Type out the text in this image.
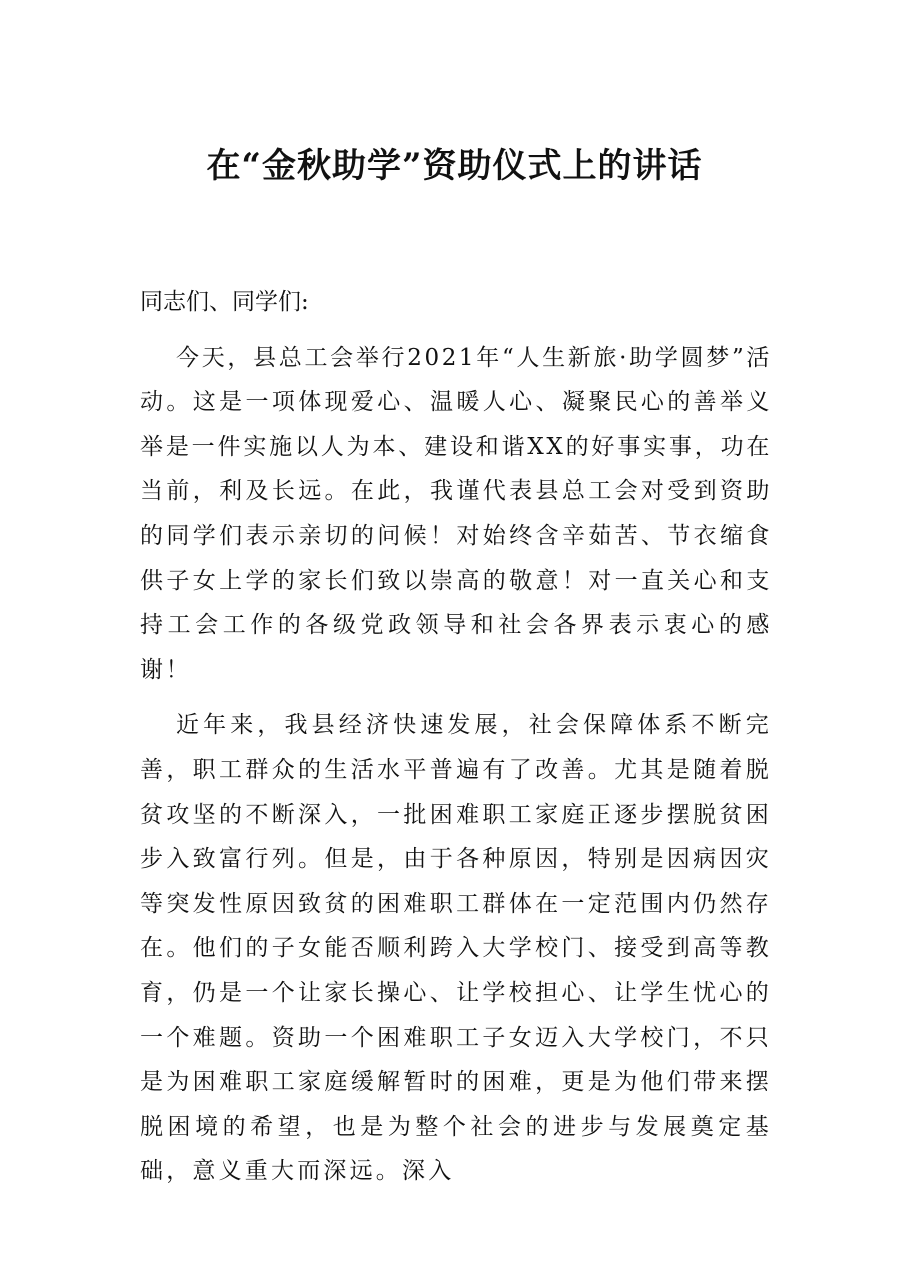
在“金秋助学”资助仪式上的讲话

同志们、同学们:

今天，县总工会举行2021年“人生新旅·助学圆梦”活动。这是一项体现爱心、温暖人心、凝聚民心的善举义举是一件实施以人为本、建设和谐XX的好事实事，功在当前，利及长远。在此，我谨代表县总工会对受到资助的同学们表示亲切的问候！对始终含辛茹苦、节衣缩食供子女上学的家长们致以崇高的敬意！对一直关心和支持工会工作的各级党政领导和社会各界表示衷心的感谢！

近年来，我县经济快速发展，社会保障体系不断完善，职工群众的生活水平普遍有了改善。尤其是随着脱贫攻坚的不断深入，一批困难职工家庭正逐步摆脱贫困步入致富行列。但是，由于各种原因，特别是因病因灾等突发性原因致贫的困难职工群体在一定范围内仍然存在。他们的子女能否顺利跨入大学校门、接受到高等教育，仍是一个让家长操心、让学校担心、让学生忧心的一个难题。资助一个困难职工子女迈入大学校门，不只是为困难职工家庭缓解暂时的困难，更是为他们带来摆脱困境的希望，也是为整个社会的进步与发展奠定基础，意义重大而深远。深入
